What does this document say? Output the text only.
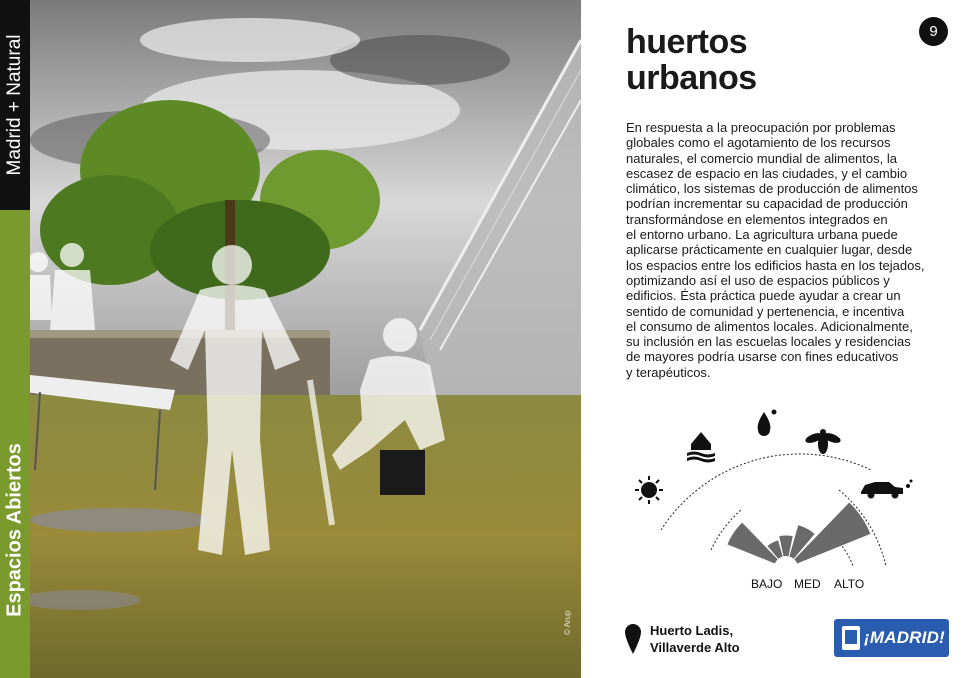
Madrid + Natural
Espacios Abiertos
© Arup
9
huertos
urbanos
En respuesta a la preocupación por problemas
globales como el agotamiento de los recursos
naturales, el comercio mundial de alimentos, la
escasez de espacio en las ciudades, y el cambio
climático, los sistemas de producción de alimentos
podrían incrementar su capacidad de producción
transformándose en elementos integrados en
el entorno urbano. La agricultura urbana puede
aplicarse prácticamente en cualquier lugar, desde
los espacios entre los edificios hasta en los tejados,
optimizando así el uso de espacios públicos y
edificios. Ésta práctica puede ayudar a crear un
sentido de comunidad y pertenencia, e incentiva
el consumo de alimentos locales. Adicionalmente,
su inclusión en las escuelas locales y residencias
de mayores podría usarse con fines educativos
y terapéuticos.
BAJO MED ALTO
Huerto Ladis,
Villaverde Alto
¡MADRID!
